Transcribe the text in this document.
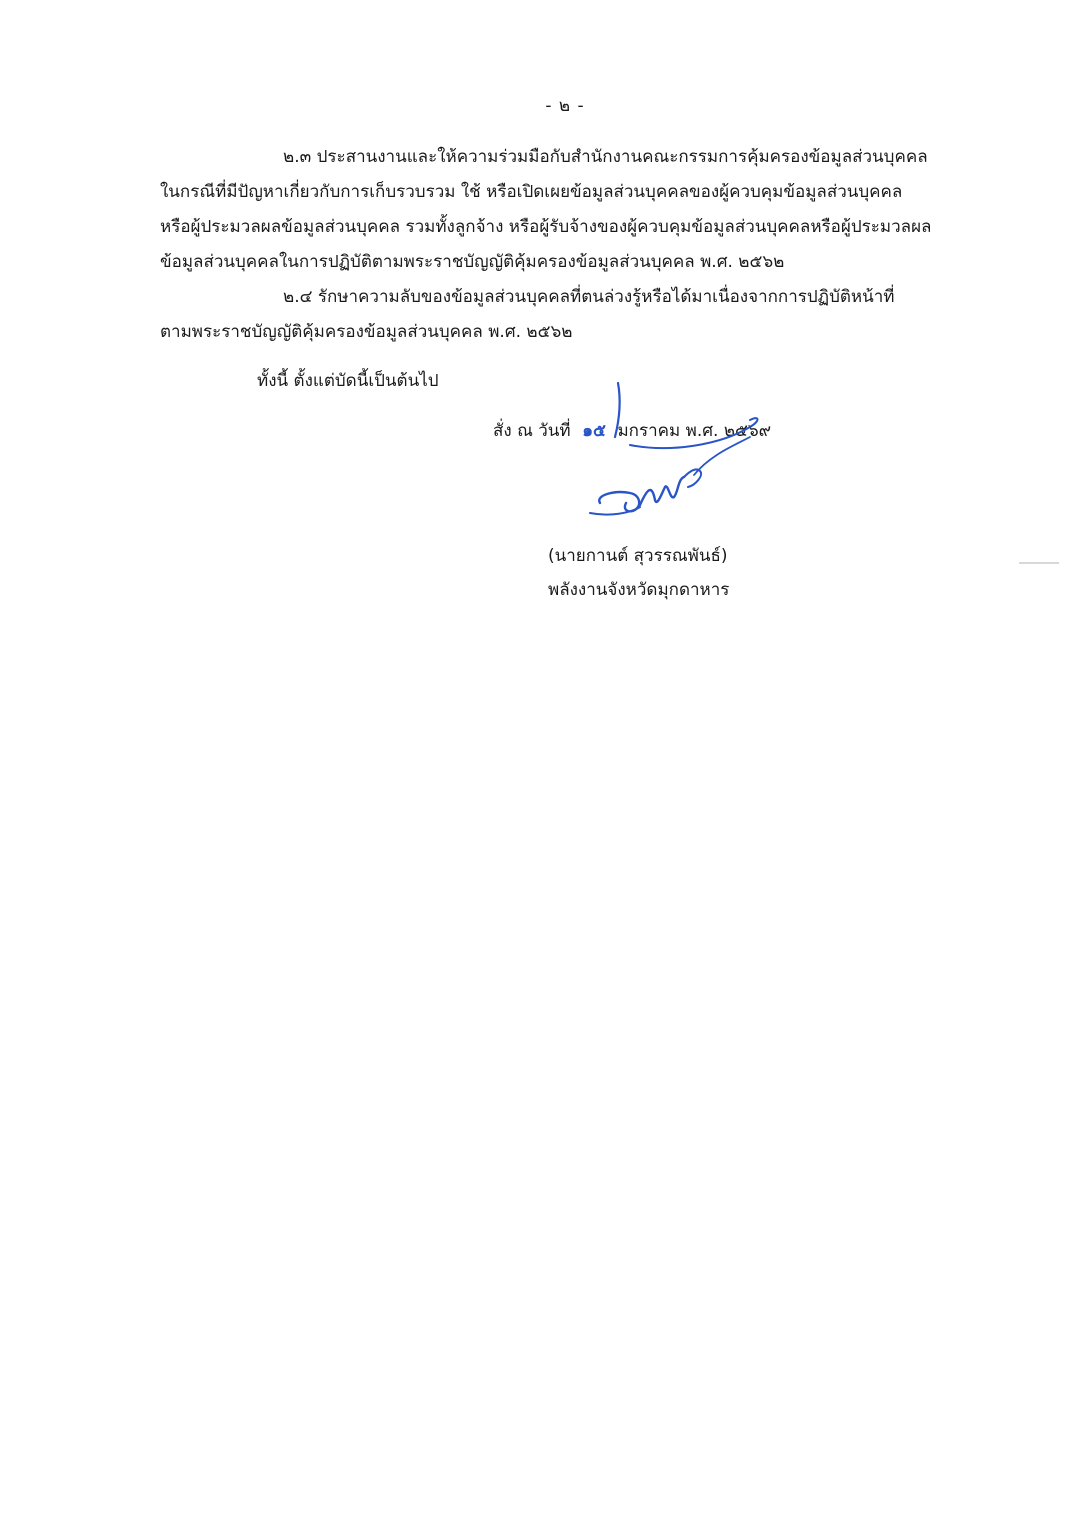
- ๒ -

๒.๓ ประสานงานและให้ความร่วมมือกับสำนักงานคณะกรรมการคุ้มครองข้อมูลส่วนบุคคล
ในกรณีที่มีปัญหาเกี่ยวกับการเก็บรวบรวม ใช้ หรือเปิดเผยข้อมูลส่วนบุคคลของผู้ควบคุมข้อมูลส่วนบุคคล
หรือผู้ประมวลผลข้อมูลส่วนบุคคล รวมทั้งลูกจ้าง หรือผู้รับจ้างของผู้ควบคุมข้อมูลส่วนบุคคลหรือผู้ประมวลผล
ข้อมูลส่วนบุคคลในการปฏิบัติตามพระราชบัญญัติคุ้มครองข้อมูลส่วนบุคคล พ.ศ. ๒๕๖๒

๒.๔ รักษาความลับของข้อมูลส่วนบุคคลที่ตนล่วงรู้หรือได้มาเนื่องจากการปฏิบัติหน้าที่
ตามพระราชบัญญัติคุ้มครองข้อมูลส่วนบุคคล พ.ศ. ๒๕๖๒

ทั้งนี้ ตั้งแต่บัดนี้เป็นต้นไป
สั่ง ณ วันที่ ๑๕ มกราคม พ.ศ. ๒๕๖๙
(นายกานต์ สุวรรณพันธ์)
พลังงานจังหวัดมุกดาหาร
